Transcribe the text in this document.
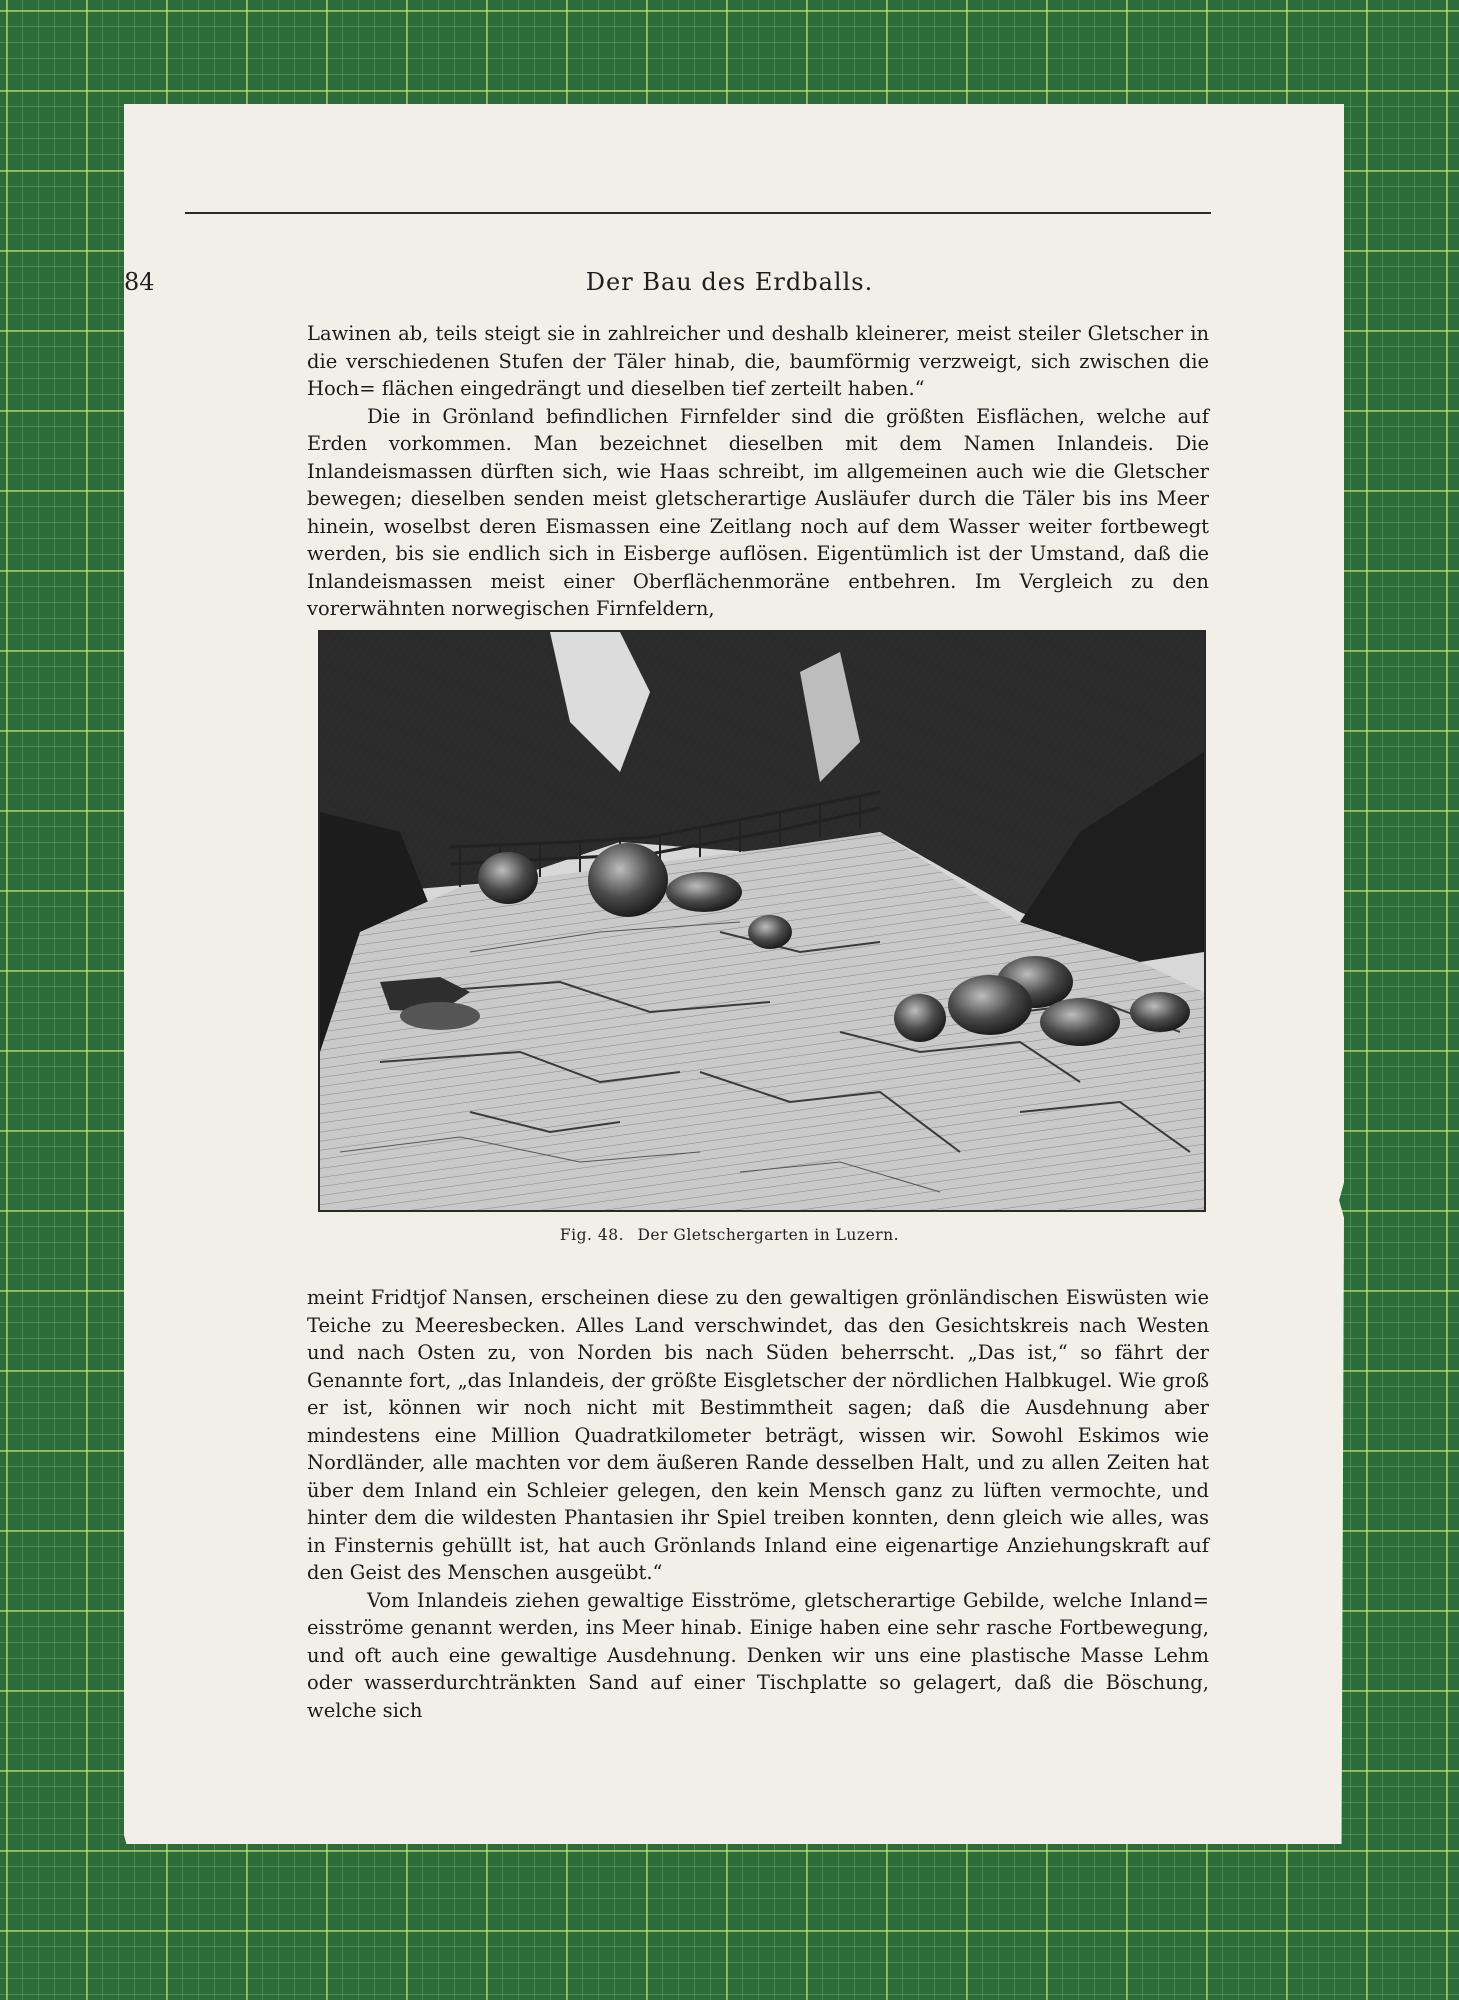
84	Der Bau des Erdballs.

Lawinen ab, teils steigt sie in zahlreicher und deshalb kleinerer, meist steiler Gletscher in die verschiedenen Stufen der Täler hinab, die, baumförmig verzweigt, sich zwischen die Hoch= flächen eingedrängt und dieselben tief zerteilt haben.“

Die in Grönland befindlichen Firnfelder sind die größten Eisflächen, welche auf Erden vorkommen. Man bezeichnet dieselben mit dem Namen Inlandeis. Die Inlandeismassen dürften sich, wie Haas schreibt, im allgemeinen auch wie die Gletscher bewegen; dieselben senden meist gletscherartige Ausläufer durch die Täler bis ins Meer hinein, woselbst deren Eismassen eine Zeitlang noch auf dem Wasser weiter fortbewegt werden, bis sie endlich sich in Eisberge auflösen. Eigentümlich ist der Umstand, daß die Inlandeismassen meist einer Oberflächenmoräne entbehren. Im Vergleich zu den vorerwähnten norwegischen Firnfeldern,

Fig. 48. Der Gletschergarten in Luzern.

meint Fridtjof Nansen, erscheinen diese zu den gewaltigen grönländischen Eiswüsten wie Teiche zu Meeresbecken. Alles Land verschwindet, das den Gesichtskreis nach Westen und nach Osten zu, von Norden bis nach Süden beherrscht. „Das ist,“ so fährt der Genannte fort, „das Inlandeis, der größte Eisgletscher der nördlichen Halbkugel. Wie groß er ist, können wir noch nicht mit Bestimmtheit sagen; daß die Ausdehnung aber mindestens eine Million Quadratkilometer beträgt, wissen wir. Sowohl Eskimos wie Nordländer, alle machten vor dem äußeren Rande desselben Halt, und zu allen Zeiten hat über dem Inland ein Schleier gelegen, den kein Mensch ganz zu lüften vermochte, und hinter dem die wildesten Phantasien ihr Spiel treiben konnten, denn gleich wie alles, was in Finsternis gehüllt ist, hat auch Grönlands Inland eine eigenartige Anziehungskraft auf den Geist des Menschen ausgeübt.“

Vom Inlandeis ziehen gewaltige Eisströme, gletscherartige Gebilde, welche Inland= eisströme genannt werden, ins Meer hinab. Einige haben eine sehr rasche Fortbewegung, und oft auch eine gewaltige Ausdehnung. Denken wir uns eine plastische Masse Lehm oder wasserdurchtränkten Sand auf einer Tischplatte so gelagert, daß die Böschung, welche sich
